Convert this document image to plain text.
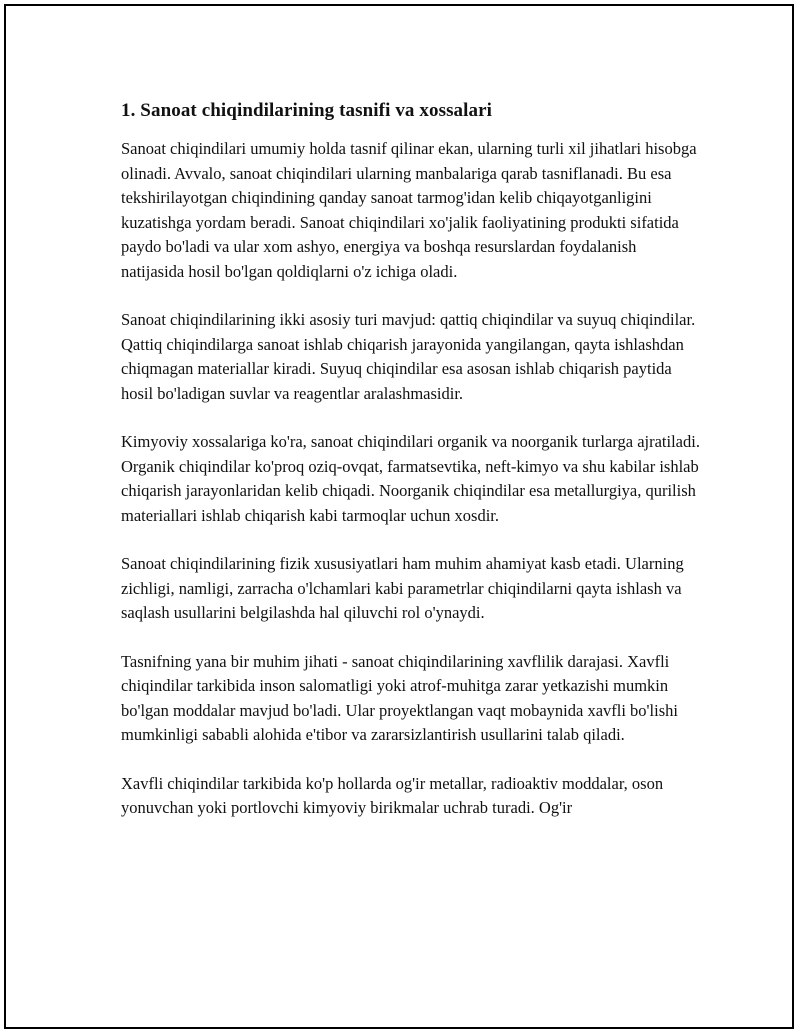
1. Sanoat chiqindilarining tasnifi va xossalari

Sanoat chiqindilari umumiy holda tasnif qilinar ekan, ularning turli xil jihatlari hisobga olinadi. Avvalo, sanoat chiqindilari ularning manbalariga qarab tasniflanadi. Bu esa tekshirilayotgan chiqindining qanday sanoat tarmog'idan kelib chiqayotganligini kuzatishga yordam beradi. Sanoat chiqindilari xo'jalik faoliyatining produkti sifatida paydo bo'ladi va ular xom ashyo, energiya va boshqa resurslardan foydalanish natijasida hosil bo'lgan qoldiqlarni o'z ichiga oladi.

Sanoat chiqindilarining ikki asosiy turi mavjud: qattiq chiqindilar va suyuq chiqindilar. Qattiq chiqindilarga sanoat ishlab chiqarish jarayonida yangilangan, qayta ishlashdan chiqmagan materiallar kiradi. Suyuq chiqindilar esa asosan ishlab chiqarish paytida hosil bo'ladigan suvlar va reagentlar aralashmasidir.

Kimyoviy xossalariga ko'ra, sanoat chiqindilari organik va noorganik turlarga ajratiladi. Organik chiqindilar ko'proq oziq-ovqat, farmatsevtika, neft-kimyo va shu kabilar ishlab chiqarish jarayonlaridan kelib chiqadi. Noorganik chiqindilar esa metallurgiya, qurilish materiallari ishlab chiqarish kabi tarmoqlar uchun xosdir.

Sanoat chiqindilarining fizik xususiyatlari ham muhim ahamiyat kasb etadi. Ularning zichligi, namligi, zarracha o'lchamlari kabi parametrlar chiqindilarni qayta ishlash va saqlash usullarini belgilashda hal qiluvchi rol o'ynaydi.

Tasnifning yana bir muhim jihati - sanoat chiqindilarining xavflilik darajasi. Xavfli chiqindilar tarkibida inson salomatligi yoki atrof-muhitga zarar yetkazishi mumkin bo'lgan moddalar mavjud bo'ladi. Ular proyektlangan vaqt mobaynida xavfli bo'lishi mumkinligi sababli alohida e'tibor va zararsizlantirish usullarini talab qiladi.

Xavfli chiqindilar tarkibida ko'p hollarda og'ir metallar, radioaktiv moddalar, oson yonuvchan yoki portlovchi kimyoviy birikmalar uchrab turadi. Og'ir
